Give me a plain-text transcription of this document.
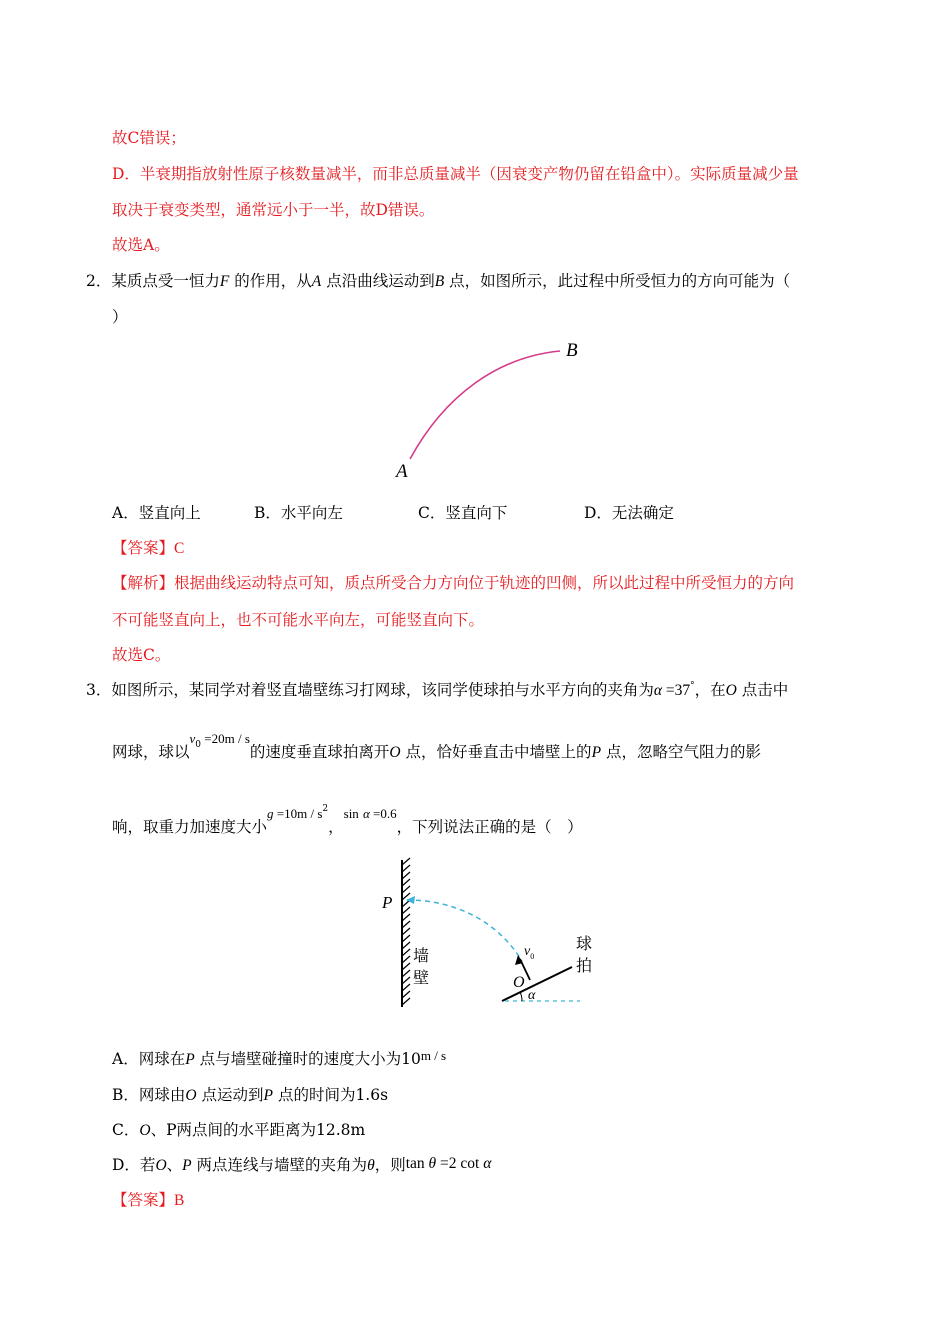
故C错误；
D．半衰期指放射性原子核数量减半，而非总质量减半（因衰变产物仍留在铅盒中）。实际质量减少量
取决于衰变类型，通常远小于一半，故D错误。
故选A。
2．某质点受一恒力F 的作用，从A 点沿曲线运动到B 点，如图所示，此过程中所受恒力的方向可能为（
）
B
A
A．竖直向上	B．水平向左	C．竖直向下	D．无法确定
【答案】C
【解析】根据曲线运动特点可知，质点所受合力方向位于轨迹的凹侧，所以此过程中所受恒力的方向
不可能竖直向上，也不可能水平向左，可能竖直向下。
故选C。
3．如图所示，某同学对着竖直墙壁练习打网球，该同学使球拍与水平方向的夹角为α =37°，在O 点击中
网球，球以$^{v_0 =20m / s}$的速度垂直球拍离开O 点，恰好垂直击中墙壁上的P 点，忽略空气阻力的影
响，取重力加速度大小$^{g =10m / s^2}$，$^{sin \alpha =0.6}$，下列说法正确的是（　）
P
墙
壁
$v_0$
O
α
球
拍
A．网球在P 点与墙壁碰撞时的速度大小为$10^{m / s}$
B．网球由O 点运动到P 点的时间为1.6s
C．O、P两点间的水平距离为12.8m
D．若O、P 两点连线与墙壁的夹角为θ，则tan θ =2 cot α
【答案】B
